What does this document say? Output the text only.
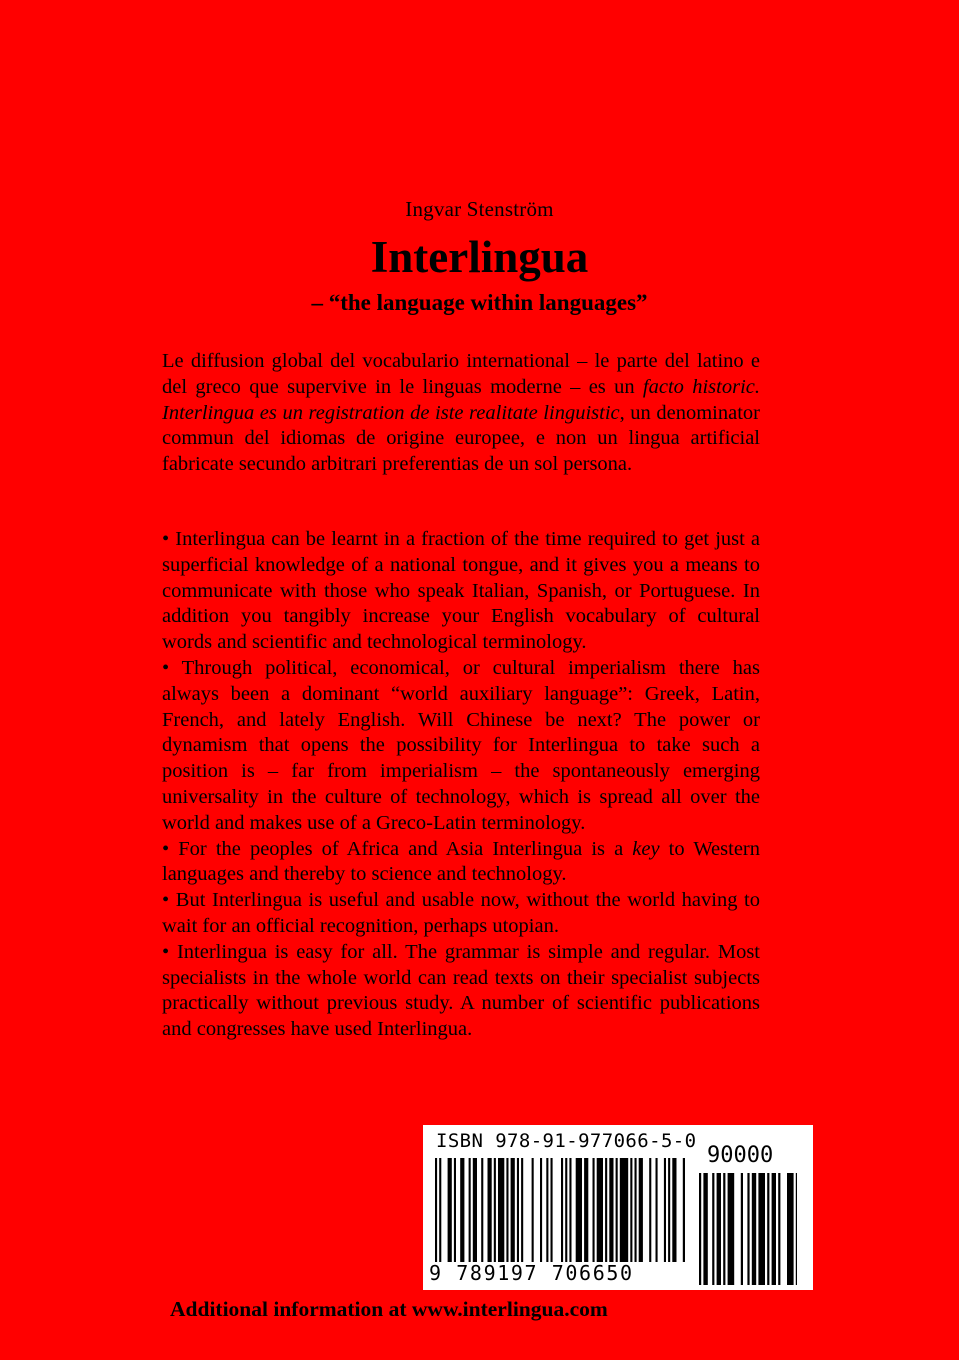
Ingvar Stenström
Interlingua
– “the language within languages”
Le diffusion global del vocabulario international – le parte del latino e del greco que supervive in le linguas moderne – es un facto historic. Interlingua es un registration de iste realitate linguistic, un denominator commun del idiomas de origine europee, e non un lingua artificial fabricate secundo arbitrari preferentias de un sol persona.

• Interlingua can be learnt in a fraction of the time required to get just a superficial knowledge of a national tongue, and it gives you a means to communicate with those who speak Italian, Spanish, or Portuguese. In addition you tangibly increase your English vocabulary of cultural words and scientific and technological terminology.

• Through political, economical, or cultural imperialism there has always been a dominant “world auxiliary language”: Greek, Latin, French, and lately English. Will Chinese be next? The power or dynamism that opens the possibility for Interlingua to take such a position is – far from imperialism – the spontaneously emerging universality in the culture of technology, which is spread all over the world and makes use of a Greco-Latin terminology.

• For the peoples of Africa and Asia Interlingua is a key to Western languages and thereby to science and technology.

• But Interlingua is useful and usable now, without the world having to wait for an official recognition, perhaps utopian.

• Interlingua is easy for all. The grammar is simple and regular. Most specialists in the whole world can read texts on their specialist subjects practically without previous study. A number of scientific publications and congresses have used Interlingua.

ISBN 978-91-977066-5-0
90000
9 789197 706650
Additional information at www.interlingua.com
